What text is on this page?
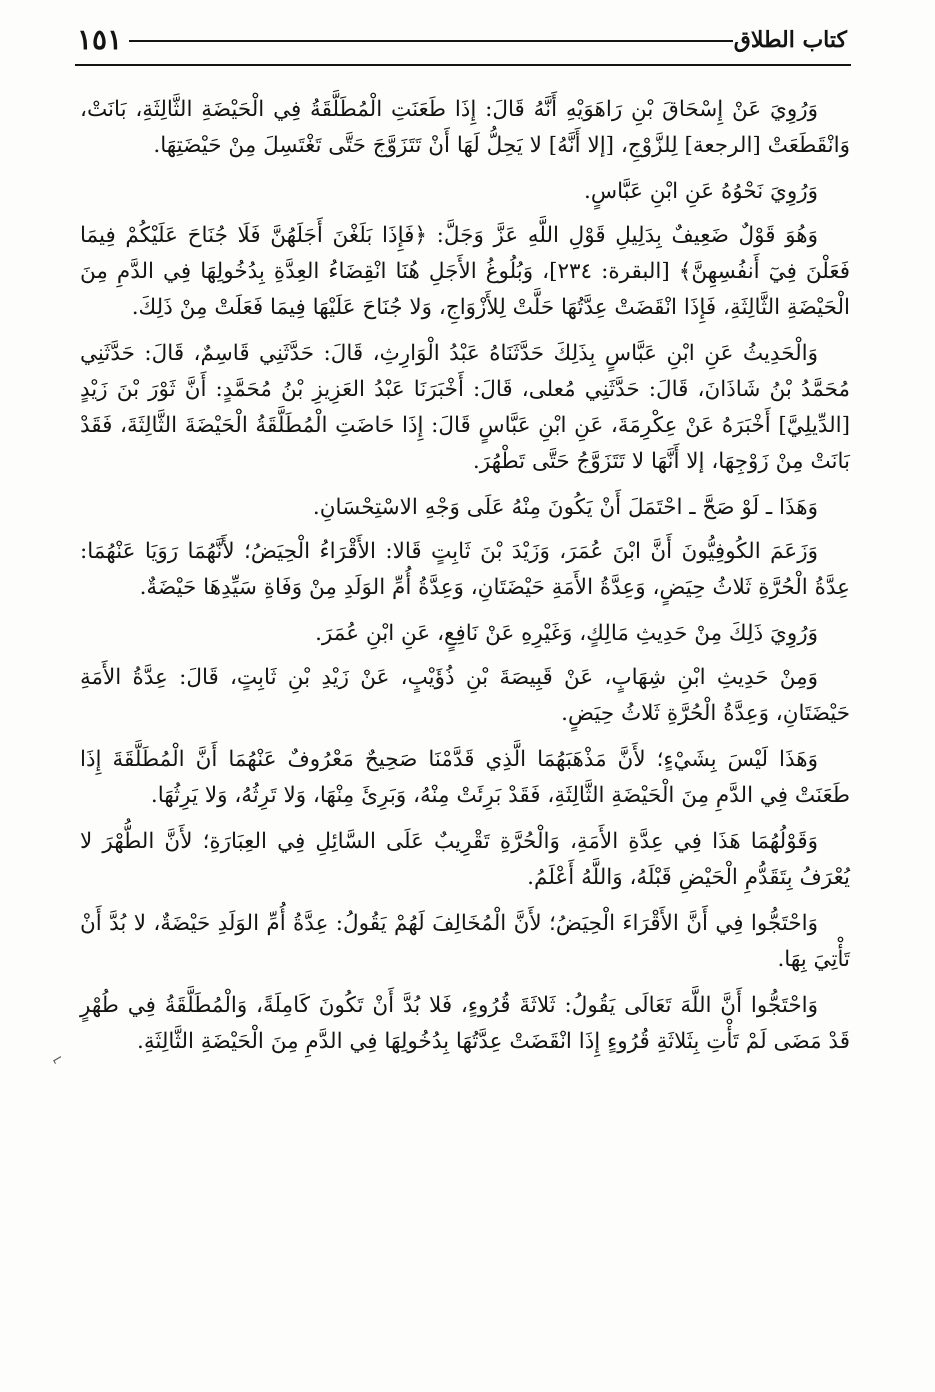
١٥١	كتاب الطلاق

وَرُوِيَ عَنْ إِسْحَاقَ بْنِ رَاهَوَيْهِ أَنَّهُ قَالَ: إِذَا طَعَنَتِ الْمُطَلَّقَةُ فِي الْحَيْضَةِ الثَّالِثَةِ، بَانَتْ، وَانْقَطَعَتْ [الرجعة] لِلزَّوْجِ، [إلا أَنَّهُ] لا يَحِلُّ لَهَا أَنْ تَتَزَوَّجَ حَتَّى تَغْتَسِلَ مِنْ حَيْضَتِهَا.

وَرُوِيَ نَحْوُهُ عَنِ ابْنِ عَبَّاسٍ.

وَهُوَ قَوْلٌ ضَعِيفٌ بِدَلِيلِ قَوْلِ اللَّهِ عَزَّ وَجَلَّ: ﴿فَإِذَا بَلَغْنَ أَجَلَهُنَّ فَلَا جُنَاحَ عَلَيْكُمْ فِيمَا فَعَلْنَ فِيٓ أَنفُسِهِنَّ﴾ [البقرة: ٢٣٤]، وَبُلُوغُ الأَجَلِ هُنَا انْقِضَاءُ العِدَّةِ بِدُخُولِهَا فِي الدَّمِ مِنَ الْحَيْضَةِ الثَّالِثَةِ، فَإِذَا انْقَضَتْ عِدَّتُهَا حَلَّتْ لِلأَزْوَاجِ، وَلا جُنَاحَ عَلَيْهَا فِيمَا فَعَلَتْ مِنْ ذَلِكَ.

وَالْحَدِيثُ عَنِ ابْنِ عَبَّاسٍ بِذَلِكَ حَدَّثَنَاهُ عَبْدُ الْوَارِثِ، قَالَ: حَدَّثَنِي قَاسِمٌ، قَالَ: حَدَّثَنِي مُحَمَّدُ بْنُ شَاذَانَ، قَالَ: حَدَّثَنِي مُعلى، قَالَ: أَخْبَرَنَا عَبْدُ العَزِيزِ بْنُ مُحَمَّدٍ: أَنَّ ثَوْرَ بْنَ زَيْدٍ [الدِّيلِيَّ] أَخْبَرَهُ عَنْ عِكْرِمَةَ، عَنِ ابْنِ عَبَّاسٍ قَالَ: إِذَا حَاضَتِ الْمُطَلَّقَةُ الْحَيْضَةَ الثَّالِثَةَ، فَقَدْ بَانَتْ مِنْ زَوْجِهَا، إلا أَنَّهَا لا تَتَزَوَّجُ حَتَّى تَطْهُرَ.

وَهَذَا ـ لَوْ صَحَّ ـ احْتَمَلَ أَنْ يَكُونَ مِنْهُ عَلَى وَجْهِ الاسْتِحْسَانِ.

وَزَعَمَ الكُوفِيُّونَ أَنَّ ابْنَ عُمَرَ، وَزَيْدَ بْنَ ثَابِتٍ قَالا: الأَقْرَاءُ الْحِيَضُ؛ لأَنَّهُمَا رَوَيَا عَنْهُمَا: عِدَّةُ الْحُرَّةِ ثَلاثُ حِيَضٍ، وَعِدَّةُ الأَمَةِ حَيْضَتَانِ، وَعِدَّةُ أُمِّ الوَلَدِ مِنْ وَفَاةِ سَيِّدِهَا حَيْضَةٌ.

وَرُوِيَ ذَلِكَ مِنْ حَدِيثِ مَالِكٍ، وَغَيْرِهِ عَنْ نَافِعٍ، عَنِ ابْنِ عُمَرَ.

وَمِنْ حَدِيثِ ابْنِ شِهَابٍ، عَنْ قَبِيصَةَ بْنِ ذُؤَيْبٍ، عَنْ زَيْدِ بْنِ ثَابِتٍ، قَالَ: عِدَّةُ الأَمَةِ حَيْضَتَانِ، وَعِدَّةُ الْحُرَّةِ ثَلاثُ حِيَضٍ.

وَهَذَا لَيْسَ بِشَيْءٍ؛ لأَنَّ مَذْهَبَهُمَا الَّذِي قَدَّمْنَا صَحِيحٌ مَعْرُوفٌ عَنْهُمَا أَنَّ الْمُطَلَّقَةَ إِذَا طَعَنَتْ فِي الدَّمِ مِنَ الْحَيْضَةِ الثَّالِثَةِ، فَقَدْ بَرِئَتْ مِنْهُ، وَبَرِئَ مِنْهَا، وَلا تَرِثُهُ، وَلا يَرِثُهَا.

وَقَوْلُهُمَا هَذَا فِي عِدَّةِ الأَمَةِ، وَالْحُرَّةِ تَقْرِيبٌ عَلَى السَّائِلِ فِي العِبَارَةِ؛ لأَنَّ الطُّهْرَ لا يُعْرَفُ بِتَقَدُّمِ الْحَيْضِ قَبْلَهُ، وَاللَّهُ أَعْلَمُ.

وَاحْتَجُّوا فِي أَنَّ الأَقْرَاءَ الْحِيَضُ؛ لأَنَّ الْمُخَالِفَ لَهُمْ يَقُولُ: عِدَّةُ أُمِّ الوَلَدِ حَيْضَةٌ، لا بُدَّ أَنْ تَأْتِيَ بِهَا.

وَاحْتَجُّوا أَنَّ اللَّهَ تَعَالَى يَقُولُ: ثَلاثَةَ قُرُوءٍ، فَلا بُدَّ أَنْ تَكُونَ كَامِلَةً، وَالْمُطَلَّقَةُ فِي طُهْرٍ قَدْ مَضَى لَمْ تَأْتِ بِثَلاثَةِ قُرُوءٍ إِذَا انْقَضَتْ عِدَّتُهَا بِدُخُولِهَا فِي الدَّمِ مِنَ الْحَيْضَةِ الثَّالِثَةِ.

⌐
